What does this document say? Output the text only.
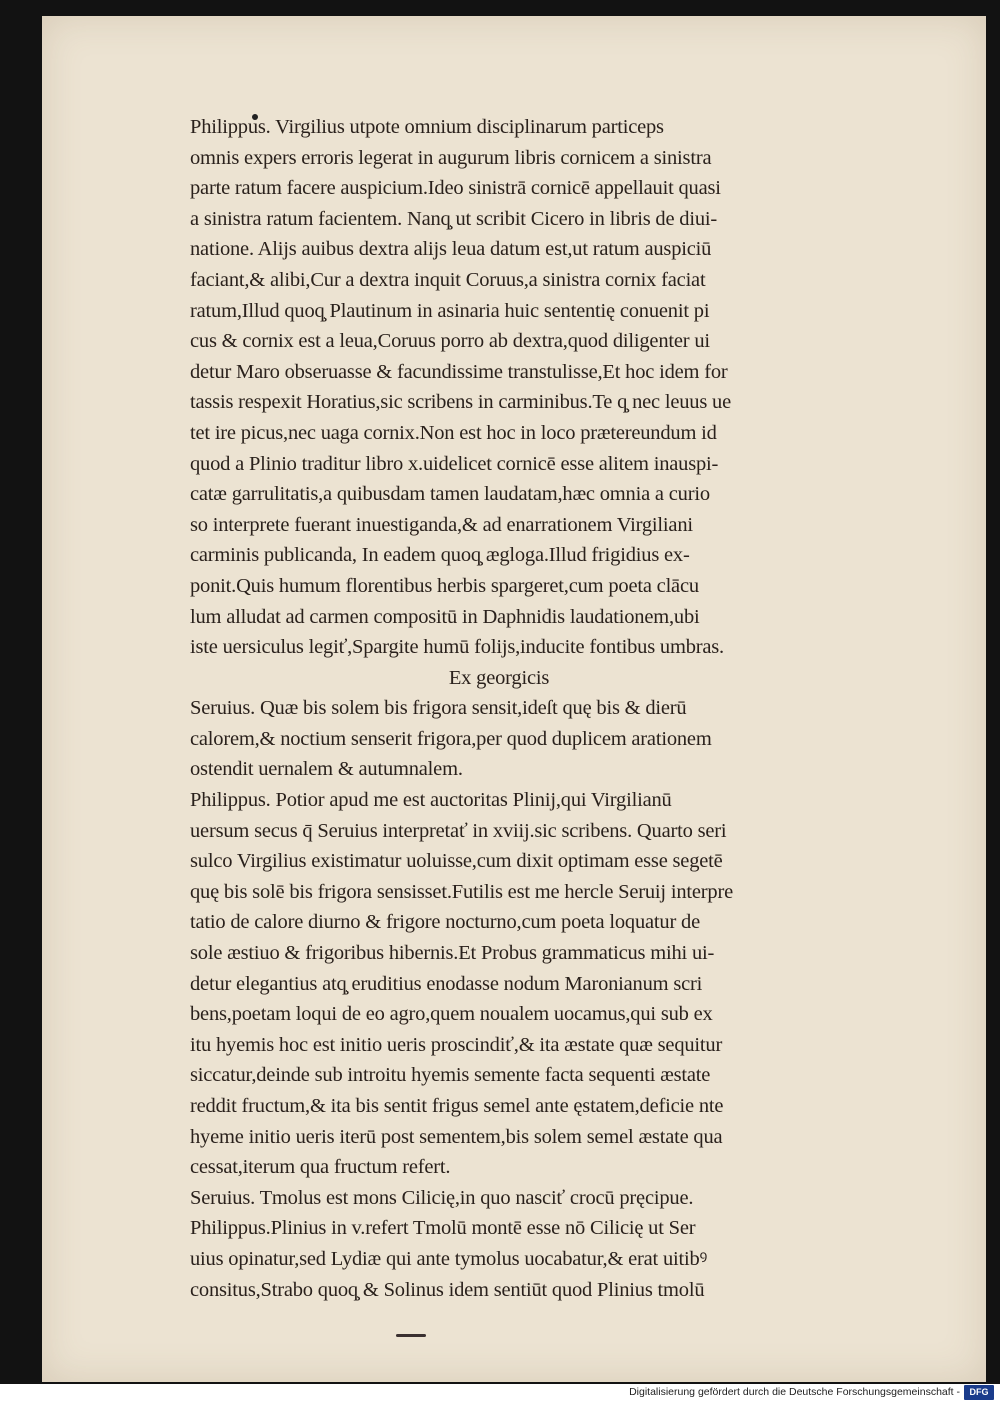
Philippus. Virgilius utpote omnium disciplinarum particeps
omnis expers erroris legerat in augurum libris cornicem a sinistra
parte ratum facere auspicium.Ideo sinistrā cornicē appellauit quasi
a sinistra ratum facientem. Nanq̧ ut scribit Cicero in libris de diui-
natione. Aliјs auibus dextra aliјs leua datum est,ut ratum auspiciū
faciant,& alibi,Cur a dextra inquit Coruus,a sinistra cornix faciat
ratum,Illud quoq̧ Plautinum in asinaria huic sententię conuenit pi
cus & cornix est a leua,Coruus porro ab dextra,quod diligenter ui
detur Maro obseruasse & facundissime transtulisse,Et hoc idem for
tassis respexit Horatius,sic scribens in carminibus.Te q̧ nec leuus ue
tet ire picus,nec uaga cornix.Non est hoc in loco prætereundum id
quod a Plinio traditur libro x.uidelicet cornicē esse alitem inauspi-
catæ garrulitatis,a quibusdam tamen laudatam,hæc omnia a curio
so interprete fuerant inuestiganda,& ad enarrationem Virgiliani
carminis publicanda, In eadem quoq̧ ægloga.Illud frigidius ex-
ponit.Quis humum florentibus herbis spargeret,cum poeta clācu
lum alludat ad carmen compositū in Daphnidis laudationem,ubi
iste uersiculus legiť,Spargite humū foliјs,inducite fontibus umbras.
Ex georgicis
Seruius. Quæ bis solem bis frigora sensit,ideſt quę bis & dierū
calorem,& noctium senserit frigora,per quod duplicem arationem
ostendit uernalem & autumnalem.
Philippus. Potior apud me est auctoritas Pliniј,qui Virgilianū
uersum secus q̄ Seruius interpretať in xviiј.sic scribens. Quarto seri
sulco Virgilius existimatur uoluisse,cum dixit optimam esse segetē
quę bis solē bis frigora sensisset.Futilis est me hercle Seruiј interpre
tatio de calore diurno & frigore nocturno,cum poeta loquatur de
sole æstiuo & frigoribus hibernis.Et Probus grammaticus mihi ui-
detur elegantius atq̧ eruditius enodasse nodum Maronianum scri
bens,poetam loqui de eo agro,quem noualem uocamus,qui sub ex
itu hyemis hoc est initio ueris proscindiť,& ita æstate quæ sequitur
siccatur,deinde sub introitu hyemis semente facta sequenti æstate
reddit fructum,& ita bis sentit frigus semel ante ęstatem,deficie nte
hyeme initio ueris iterū post sementem,bis solem semel æstate qua
cessat,iterum qua fructum refert.
Seruius. Tmolus est mons Cilicię,in quo nasciť crocū pręcipue.
Philippus.Plinius in v.refert Tmolū montē esse nō Cilicię ut Ser
uius opinatur,sed Lydiæ qui ante tymolus uocabatur,& erat uitibꝰ
consitus,Strabo quoq̧ & Solinus idem sentiūt quod Plinius tmolū
Digitalisierung gefördert durch die Deutsche Forschungsgemeinschaft -	DFG
